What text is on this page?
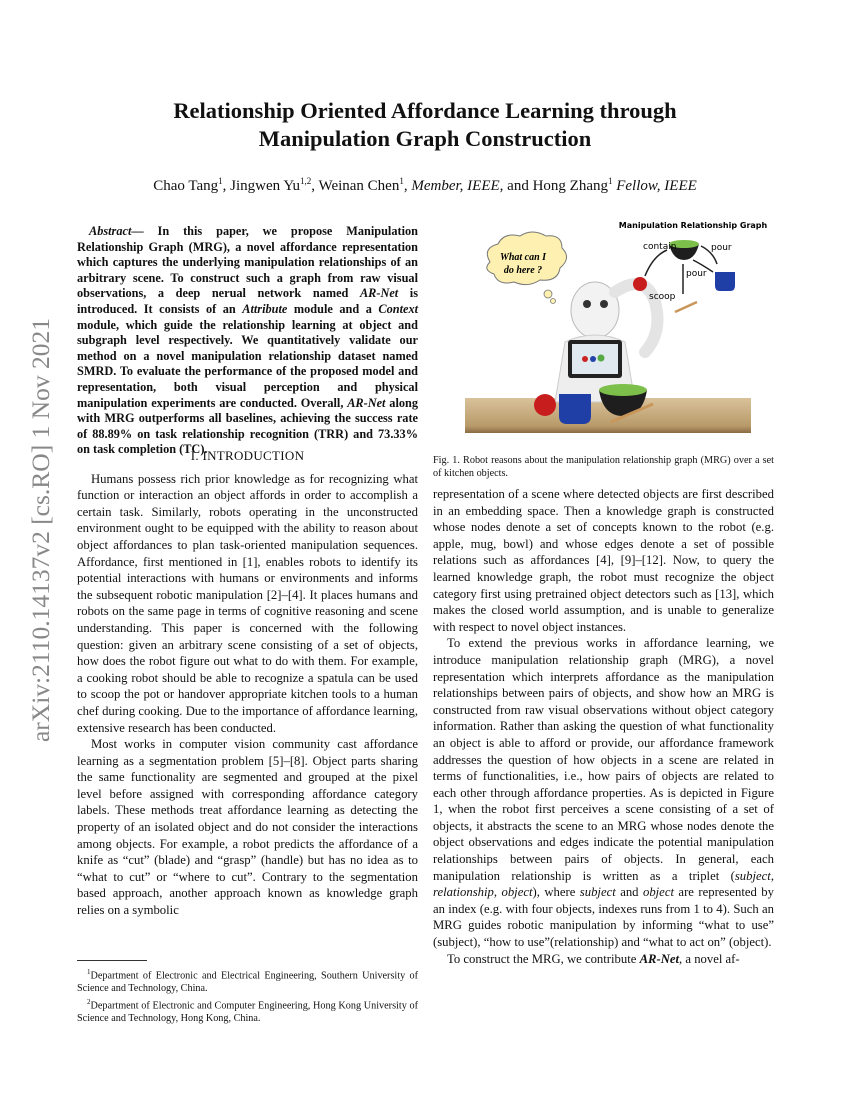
arXiv:2110.14137v2 [cs.RO] 1 Nov 2021
Relationship Oriented Affordance Learning through
Manipulation Graph Construction
Chao Tang$^1$, Jingwen Yu$^{1,2}$, Weinan Chen$^1$, Member, IEEE, and Hong Zhang$^1$ Fellow, IEEE
Abstract— In this paper, we propose Manipulation Relationship Graph (MRG), a novel affordance representation which captures the underlying manipulation relationships of an arbitrary scene. To construct such a graph from raw visual observations, a deep nerual network named AR-Net is introduced. It consists of an Attribute module and a Context module, which guide the relationship learning at object and subgraph level respectively. We quantitatively validate our method on a novel manipulation relationship dataset named SMRD. To evaluate the performance of the proposed model and representation, both visual perception and physical manipulation experiments are conducted. Overall, AR-Net along with MRG outperforms all baselines, achieving the success rate of 88.89% on task relationship recognition (TRR) and 73.33% on task completion (TC).
I. INTRODUCTION

Humans possess rich prior knowledge as for recognizing what function or interaction an object affords in order to accomplish a certain task. Similarly, robots operating in the unconstructed environment ought to be equipped with the ability to reason about object affordances to plan task-oriented manipulation sequences. Affordance, first mentioned in [1], enables robots to identify its potential interactions with humans or environments and informs the subsequent robotic manipulation [2]–[4]. It places humans and robots on the same page in terms of cognitive reasoning and scene understanding. This paper is concerned with the following question: given an arbitrary scene consisting of a set of objects, how does the robot figure out what to do with them. For example, a cooking robot should be able to recognize a spatula can be used to scoop the pot or handover appropriate kitchen tools to a human chef during cooking. Due to the importance of affordance learning, extensive research has been conducted.

Most works in computer vision community cast affordance learning as a segmentation problem [5]–[8]. Object parts sharing the same functionality are segmented and grouped at the pixel level before assigned with corresponding affordance category labels. These methods treat affordance learning as detecting the property of an isolated object and do not consider the interactions among objects. For example, a robot predicts the affordance of a knife as “cut” (blade) and “grasp” (handle) but has no idea as to “what to cut” or “where to cut”. Contrary to the segmentation based approach, another approach known as knowledge graph relies on a symbolic

$^1$Department of Electronic and Electrical Engineering, Southern University of Science and Technology, China.
$^2$Department of Electronic and Computer Engineering, Hong Kong University of Science and Technology, Hong Kong, China.
What can I
do here ?
Manipulation Relationship Graph
contain	pour
pour
scoop
Fig. 1. Robot reasons about the manipulation relationship graph (MRG) over a set of kitchen objects.

representation of a scene where detected objects are first described in an embedding space. Then a knowledge graph is constructed whose nodes denote a set of concepts known to the robot (e.g. apple, mug, bowl) and whose edges denote a set of possible relations such as affordances [4], [9]–[12]. Now, to query the learned knowledge graph, the robot must recognize the object category first using pretrained object detectors such as [13], which makes the closed world assumption, and is unable to generalize with respect to novel object instances.

To extend the previous works in affordance learning, we introduce manipulation relationship graph (MRG), a novel representation which interprets affordance as the manipulation relationships between pairs of objects, and show how an MRG is constructed from raw visual observations without object category information. Rather than asking the question of what functionality an object is able to afford or provide, our affordance framework addresses the question of how objects in a scene are related in terms of functionalities, i.e., how pairs of objects are related to each other through affordance properties. As is depicted in Figure 1, when the robot first perceives a scene consisting of a set of objects, it abstracts the scene to an MRG whose nodes denote the object observations and edges indicate the potential manipulation relationships between pairs of objects. In general, each manipulation relationship is written as a triplet (subject, relationship, object), where subject and object are represented by an index (e.g. with four objects, indexes runs from 1 to 4). Such an MRG guides robotic manipulation by informing “what to use” (subject), “how to use”(relationship) and “what to act on” (object).

To construct the MRG, we contribute AR-Net, a novel af-
